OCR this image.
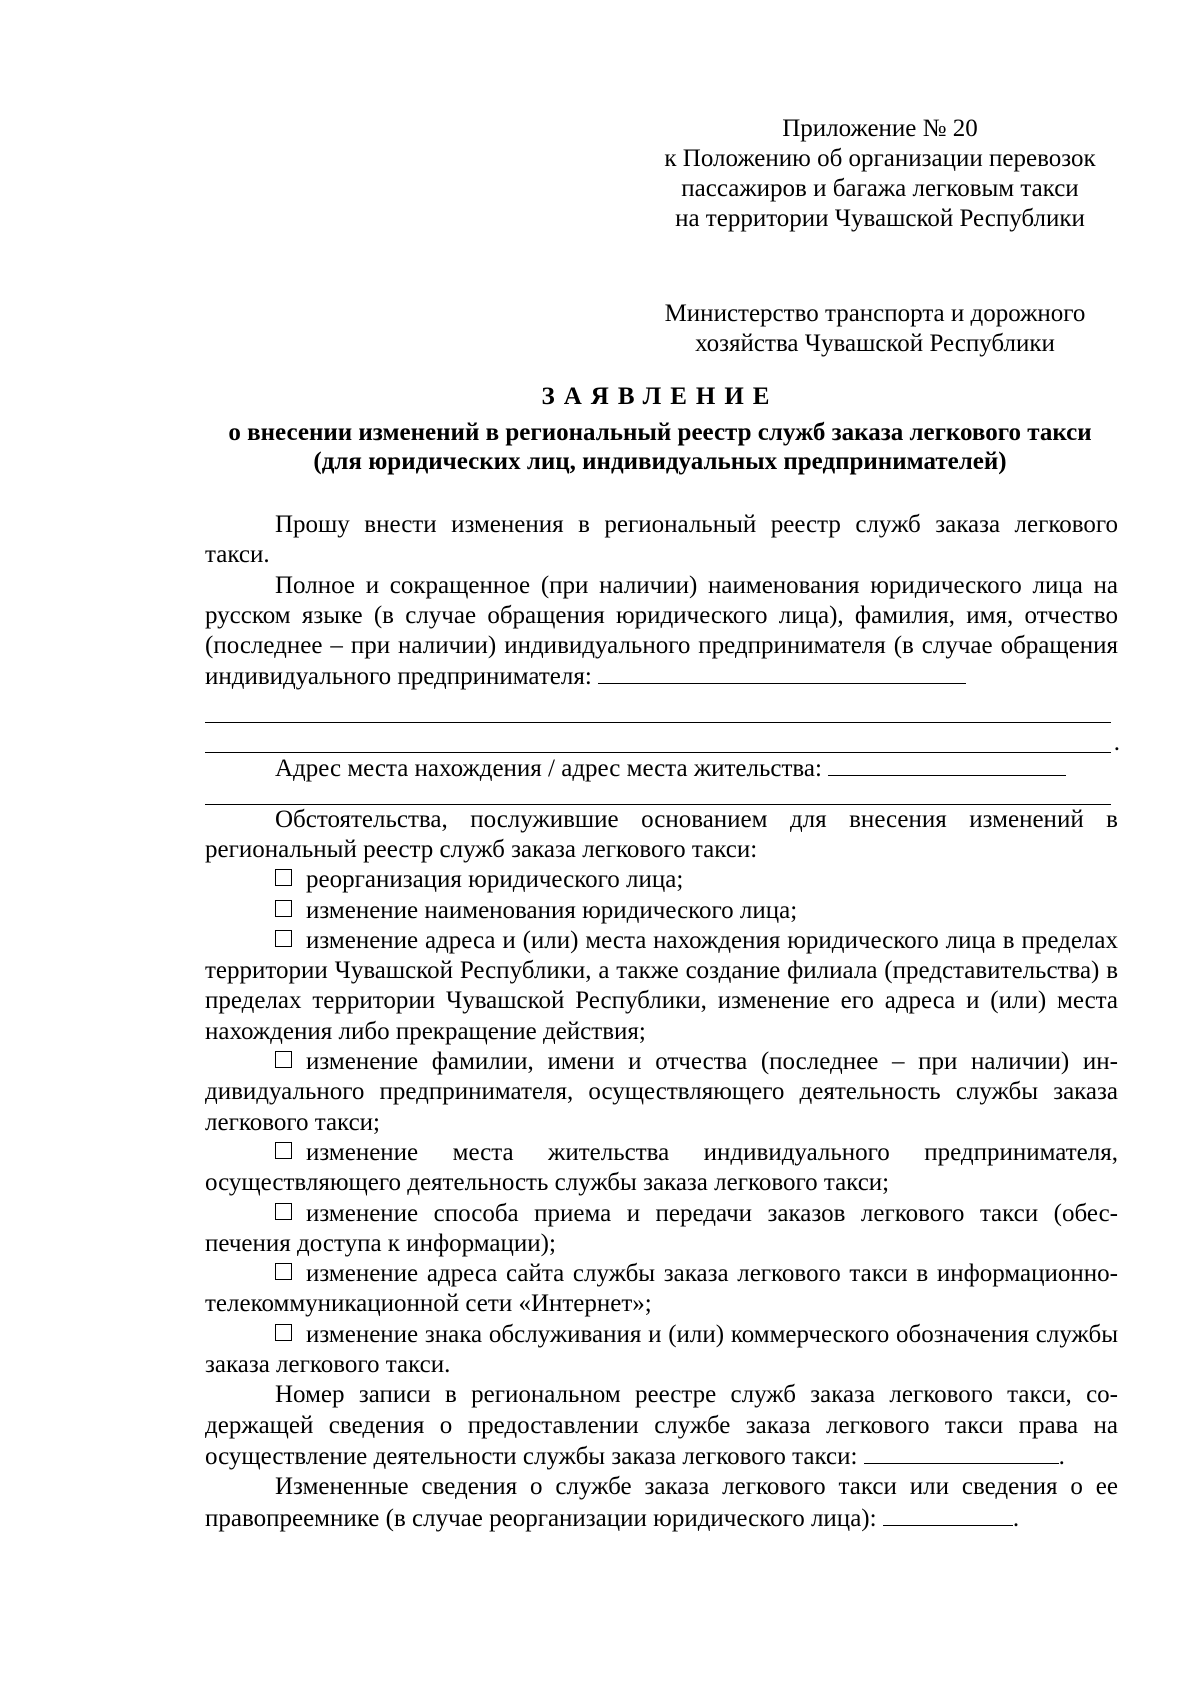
Приложение № 20
к Положению об организации перевозок
пассажиров и багажа легковым такси
на территории Чувашской Республики
Министерство транспорта и дорожного
хозяйства Чувашской Республики
ЗАЯВЛЕНИЕ
о внесении изменений в региональный реестр служб заказа легкового такси
(для юридических лиц, индивидуальных предпринимателей)

Прошу внести изменения в региональный реестр служб заказа легкового такси.

Полное и сокращенное (при наличии) наименования юридического лица на русском языке (в случае обращения юридического лица), фамилия, имя, отчество (последнее – при наличии) индивидуального предпринимателя (в случае обращения индивидуального предпринимателя:

.

Адрес места нахождения / адрес места жительства:

Обстоятельства, послужившие основанием для внесения изменений в региональный реестр служб заказа легкового такси:

реорганизация юридического лица;

изменение наименования юридического лица;

изменение адреса и (или) места нахождения юридического лица в пределах территории Чувашской Республики, а также создание филиала (представительства) в пределах территории Чувашской Республики, изменение его адреса и (или) места нахождения либо прекращение действия;

изменение фамилии, имени и отчества (последнее – при наличии) индивидуального предпринимателя, осуществляющего деятельность службы заказа легкового такси;

изменение места жительства индивидуального предпринимателя, осуществляющего деятельность службы заказа легкового такси;

изменение способа приема и передачи заказов легкового такси (обеспечения доступа к информации);

изменение адреса сайта службы заказа легкового такси в информационно-телекоммуникационной сети «Интернет»;

изменение знака обслуживания и (или) коммерческого обозначения службы заказа легкового такси.

Номер записи в региональном реестре служб заказа легкового такси, содержащей сведения о предоставлении службе заказа легкового такси права на осуществление деятельности службы заказа легкового такси:	.

Измененные сведения о службе заказа легкового такси или сведения о ее правопреемнике (в случае реорганизации юридического лица):	.
